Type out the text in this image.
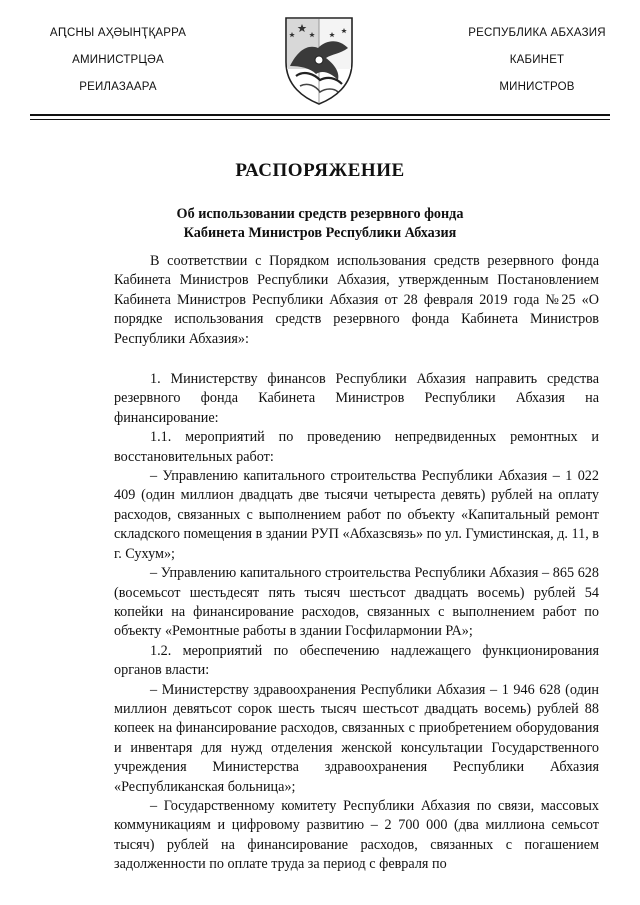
АԤСНЫ АҲӘЫНҬҚАРРА
АМИНИСТРЦӘА
РЕИЛАЗААРА
РЕСПУБЛИКА АБХАЗИЯ
КАБИНЕТ
МИНИСТРОВ
РАСПОРЯЖЕНИЕ
Об использовании средств резервного фонда
Кабинета Министров Республики Абхазия

В соответствии с Порядком использования средств резервного фонда Кабинета Министров Республики Абхазия, утвержденным Постановлением Кабинета Министров Республики Абхазия от 28 февраля 2019 года №25 «О порядке использования средств резервного фонда Кабинета Министров Республики Абхазия»:

1. Министерству финансов Республики Абхазия направить средства резервного фонда Кабинета Министров Республики Абхазия на финансирование:

1.1. мероприятий по проведению непредвиденных ремонтных и восстановительных работ:

– Управлению капитального строительства Республики Абхазия – 1 022 409 (один миллион двадцать две тысячи четыреста девять) рублей на оплату расходов, связанных с выполнением работ по объекту «Капитальный ремонт складского помещения в здании РУП «Абхазсвязь» по ул. Гумистинская, д. 11, в г. Сухум»;

– Управлению капитального строительства Республики Абхазия – 865 628 (восемьсот шестьдесят пять тысяч шестьсот двадцать восемь) рублей 54 копейки на финансирование расходов, связанных с выполнением работ по объекту «Ремонтные работы в здании Госфилармонии РА»;

1.2. мероприятий по обеспечению надлежащего функционирования органов власти:

– Министерству здравоохранения Республики Абхазия – 1 946 628 (один миллион девятьсот сорок шесть тысяч шестьсот двадцать восемь) рублей 88 копеек на финансирование расходов, связанных с приобретением оборудования и инвентаря для нужд отделения женской консультации Государственного учреждения Министерства здравоохранения Республики Абхазия «Республиканская больница»;

– Государственному комитету Республики Абхазия по связи, массовых коммуникациям и цифровому развитию – 2 700 000 (два миллиона семьсот тысяч) рублей на финансирование расходов, связанных с погашением задолженности по оплате труда за период с февраля по
